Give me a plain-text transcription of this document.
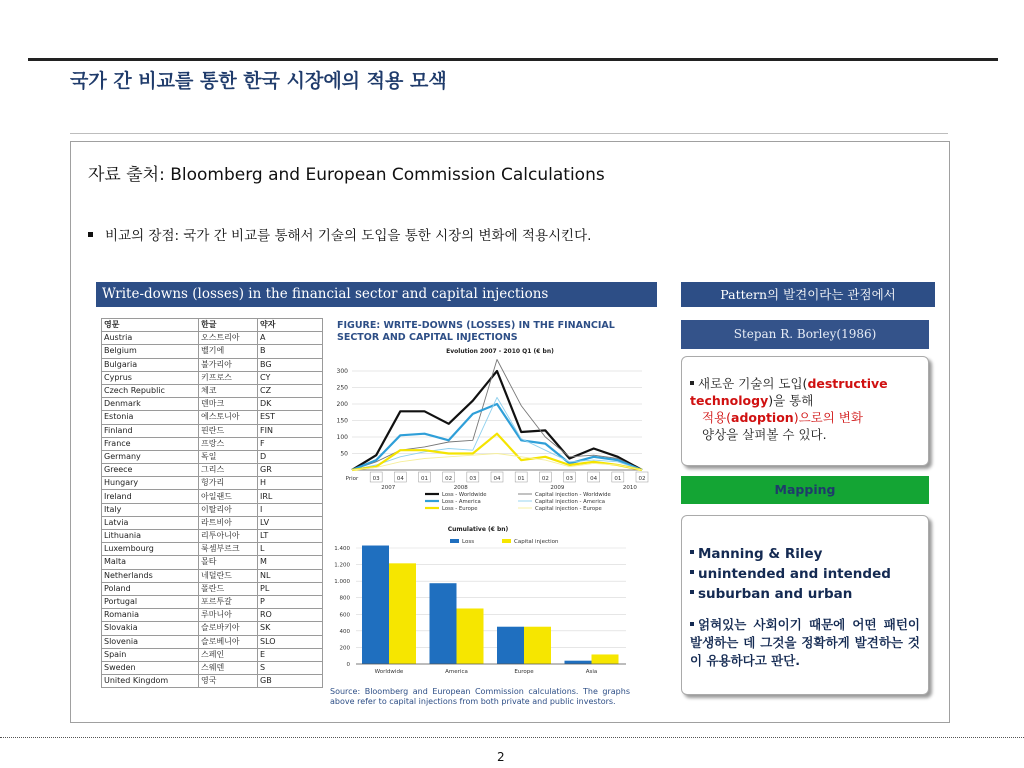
국가 간 비교를 통한 한국 시장에의 적용 모색
자료 출처: Bloomberg and European Commission Calculations
비교의 장점: 국가 간 비교를 통해서 기술의 도입을 통한 시장의 변화에 적용시킨다.
Write-downs (losses) in the financial sector and capital injections
영문	한글	약자
Austria	오스트리아	A
Belgium	벨기에	B
Bulgaria	불가리아	BG
Cyprus	키프로스	CY
Czech Republic	체코	CZ
Denmark	덴마크	DK
Estonia	에스토니아	EST
Finland	핀란드	FIN
France	프랑스	F
Germany	독일	D
Greece	그리스	GR
Hungary	헝가리	H
Ireland	아일랜드	IRL
Italy	이탈리아	I
Latvia	라트비아	LV
Lithuania	리투아니아	LT
Luxembourg	룩셈부르크	L
Malta	몰타	M
Netherlands	네덜란드	NL
Poland	폴란드	PL
Portugal	포르투갈	P
Romania	루마니아	RO
Slovakia	슬로바키아	SK
Slovenia	슬로베니아	SLO
Spain	스페인	E
Sweden	스웨덴	S
United Kingdom	영국	GB
FIGURE: WRITE-DOWNS (LOSSES) IN THE FINANCIAL SECTOR AND CAPITAL INJECTIONS
Evolution 2007 - 2010 Q1 (€ bn)
50
100
150
200
250
300
Prior	03	04	01	02	03	04	01	02	03	04	01	02
2007	2008	2009	2010
Loss - Worldwide	Capital injection - Worldwide
Loss - America	Capital injection - America
Loss - Europe	Capital injection - Europe
Cumulative (€ bn)
Loss	Capital injection
0
200
400
600
800
1.000
1.200
1.400
Worldwide	America	Europe	Asia
Source: Bloomberg and European Commission calculations. The graphs above refer to capital injections from both private and public investors.
Pattern의 발견이라는 관점에서
Stepan R. Borley(1986)
새로운 기술의 도입(destructive technology)을 통해
적용(adoption)으로의 변화
양상을 살펴볼 수 있다.
Mapping
Manning & Riley
unintended and intended
suburban and urban
얽혀있는 사회이기 때문에 어떤 패턴이 발생하는 데 그것을 정확하게 발견하는 것이 유용하다고 판단.
2
